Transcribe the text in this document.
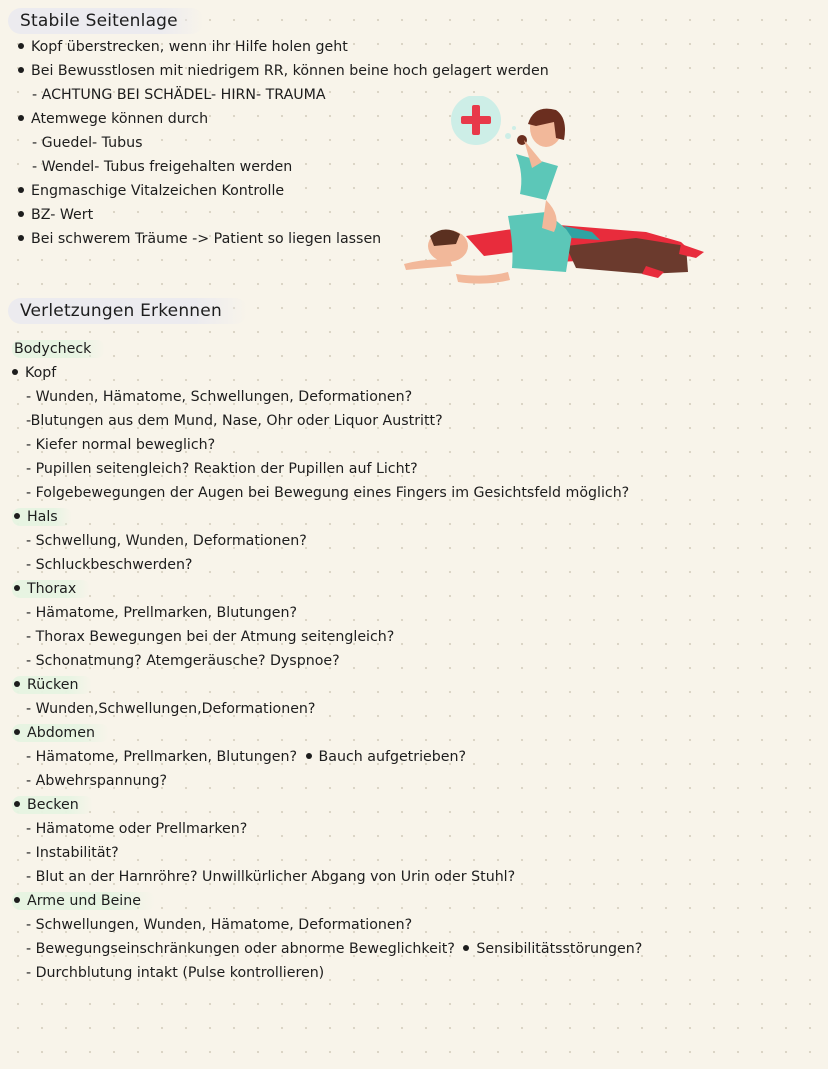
Stabile Seitenlage
Kopf überstrecken, wenn ihr Hilfe holen geht
Bei Bewusstlosen mit niedrigem RR, können beine hoch gelagert werden
- ACHTUNG BEI SCHÄDEL- HIRN- TRAUMA
Atemwege können durch
- Guedel- Tubus
- Wendel- Tubus freigehalten werden
Engmaschige Vitalzeichen Kontrolle
BZ- Wert
Bei schwerem Träume -> Patient so liegen lassen
Verletzungen Erkennen
Bodycheck
Kopf
- Wunden, Hämatome, Schwellungen, Deformationen?
-Blutungen aus dem Mund, Nase, Ohr oder Liquor Austritt?
- Kiefer normal beweglich?
- Pupillen seitengleich? Reaktion der Pupillen auf Licht?
- Folgebewegungen der Augen bei Bewegung eines Fingers im Gesichtsfeld möglich?
Hals
- Schwellung, Wunden, Deformationen?
- Schluckbeschwerden?
Thorax
- Hämatome, Prellmarken, Blutungen?
- Thorax Bewegungen bei der Atmung seitengleich?
- Schonatmung? Atemgeräusche? Dyspnoe?
Rücken
- Wunden,Schwellungen,Deformationen?
Abdomen
- Hämatome, Prellmarken, Blutungen? Bauch aufgetrieben?
- Abwehrspannung?
Becken
- Hämatome oder Prellmarken?
- Instabilität?
- Blut an der Harnröhre? Unwillkürlicher Abgang von Urin oder Stuhl?
Arme und Beine
- Schwellungen, Wunden, Hämatome, Deformationen?
- Bewegungseinschränkungen oder abnorme Beweglichkeit? Sensibilitätsstörungen?
- Durchblutung intakt (Pulse kontrollieren)
